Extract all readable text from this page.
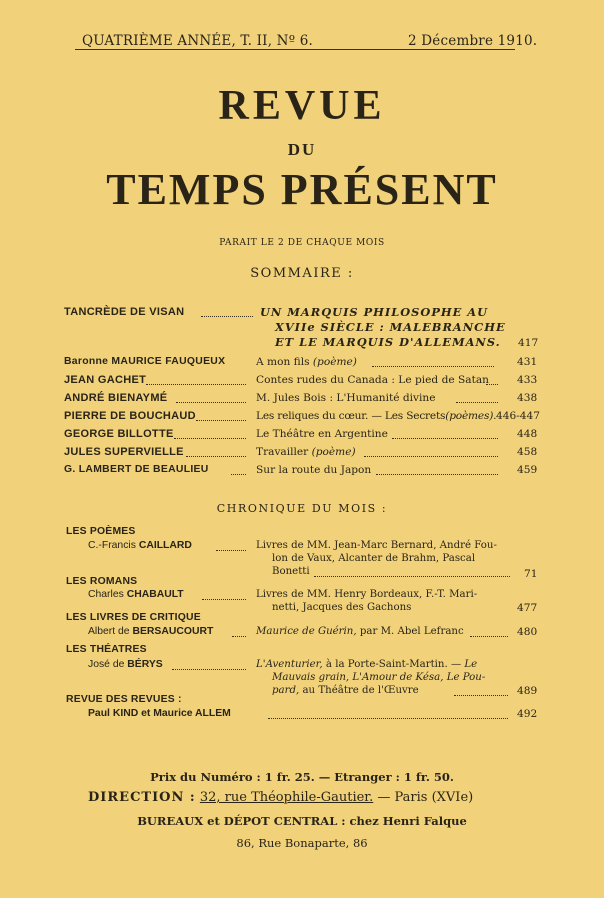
QUATRIÈME ANNÉE, T. II, Nº 6.	2 Décembre 1910.
REVUE
DU
TEMPS PRÉSENT
PARAIT LE 2 DE CHAQUE MOIS
SOMMAIRE :
TANCRÈDE DE VISAN	UN MARQUIS PHILOSOPHE AU
XVIIe SIÈCLE : MALEBRANCHE
ET LE MARQUIS D'ALLEMANS. 417
Baronne MAURICE FAUQUEUX	A mon fils (poème)	431
JEAN GACHET	Contes rudes du Canada : Le pied de Satan	433
ANDRÉ BIENAYMÉ	M. Jules Bois : L'Humanité divine	438
PIERRE DE BOUCHAUD	Les reliques du cœur. — Les Secrets(poèmes). 446-447
GEORGE BILLOTTE	Le Théâtre en Argentine	448
JULES SUPERVIELLE	Travailler (poème)	458
G. LAMBERT DE BEAULIEU	Sur la route du Japon	459
CHRONIQUE DU MOIS :
LES POÈMES
C.-Francis CAILLARD	Livres de MM. Jean-Marc Bernard, André Fou-
lon de Vaux, Alcanter de Brahm, Pascal
Bonetti	71
LES ROMANS
Charles CHABAULT	Livres de MM. Henry Bordeaux, F.-T. Mari-
netti, Jacques des Gachons	477
LES LIVRES DE CRITIQUE
Albert de BERSAUCOURT	Maurice de Guérin, par M. Abel Lefranc	480
LES THÉATRES
José de BÉRYS	L'Aventurier, à la Porte-Saint-Martin. — Le
Mauvais grain, L'Amour de Késa, Le Pou-
pard, au Théâtre de l'Œuvre	489
REVUE DES REVUES :
Paul KIND et Maurice ALLEM	492
Prix du Numéro : 1 fr. 25. — Etranger : 1 fr. 50.
DIRECTION : 32, rue Théophile-Gautier. — Paris (XVIe)
BUREAUX et DÉPOT CENTRAL : chez Henri Falque
86, Rue Bonaparte, 86
